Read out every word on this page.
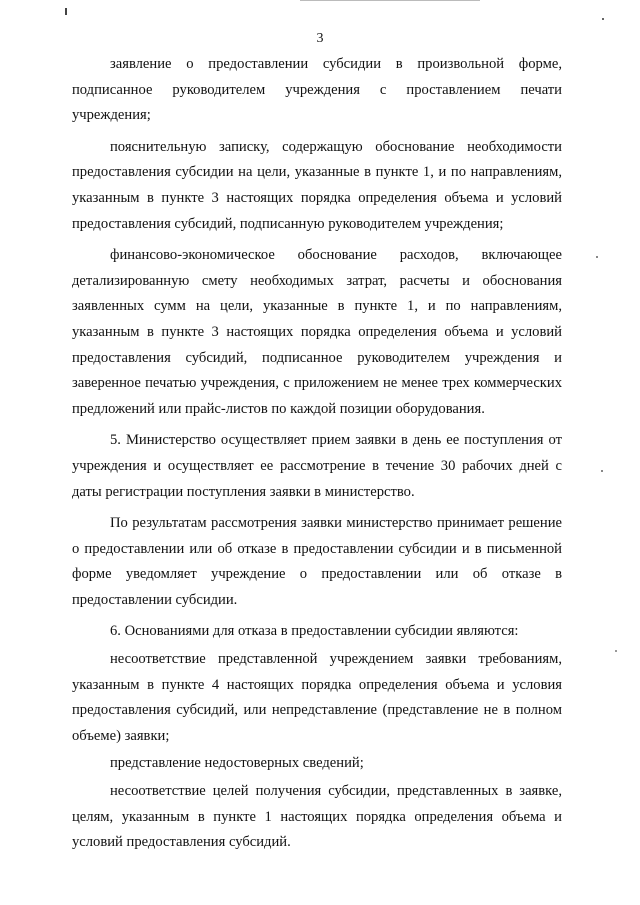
3

заявление о предоставлении субсидии в произвольной форме, подписанное руководителем учреждения с проставлением печати учреждения;

пояснительную записку, содержащую обоснование необходимости предоставления субсидии на цели, указанные в пункте 1, и по направлениям, указанным в пункте 3 настоящих порядка определения объема и условий предоставления субсидий, подписанную руководителем учреждения;

финансово-экономическое обоснование расходов, включающее детализированную смету необходимых затрат, расчеты и обоснования заявленных сумм на цели, указанные в пункте 1, и по направлениям, указанным в пункте 3 настоящих порядка определения объема и условий предоставления субсидий, подписанное руководителем учреждения и заверенное печатью учреждения, с приложением не менее трех коммерческих предложений или прайс-листов по каждой позиции оборудования.

5. Министерство осуществляет прием заявки в день ее поступления от учреждения и осуществляет ее рассмотрение в течение 30 рабочих дней с даты регистрации поступления заявки в министерство.

По результатам рассмотрения заявки министерство принимает решение о предоставлении или об отказе в предоставлении субсидии и в письменной форме уведомляет учреждение о предоставлении или об отказе в предоставлении субсидии.

6. Основаниями для отказа в предоставлении субсидии являются:

несоответствие представленной учреждением заявки требованиям, указанным в пункте 4 настоящих порядка определения объема и условия предоставления субсидий, или непредставление (представление не в полном объеме) заявки;

представление недостоверных сведений;

несоответствие целей получения субсидии, представленных в заявке, целям, указанным в пункте 1 настоящих порядка определения объема и условий предоставления субсидий.
